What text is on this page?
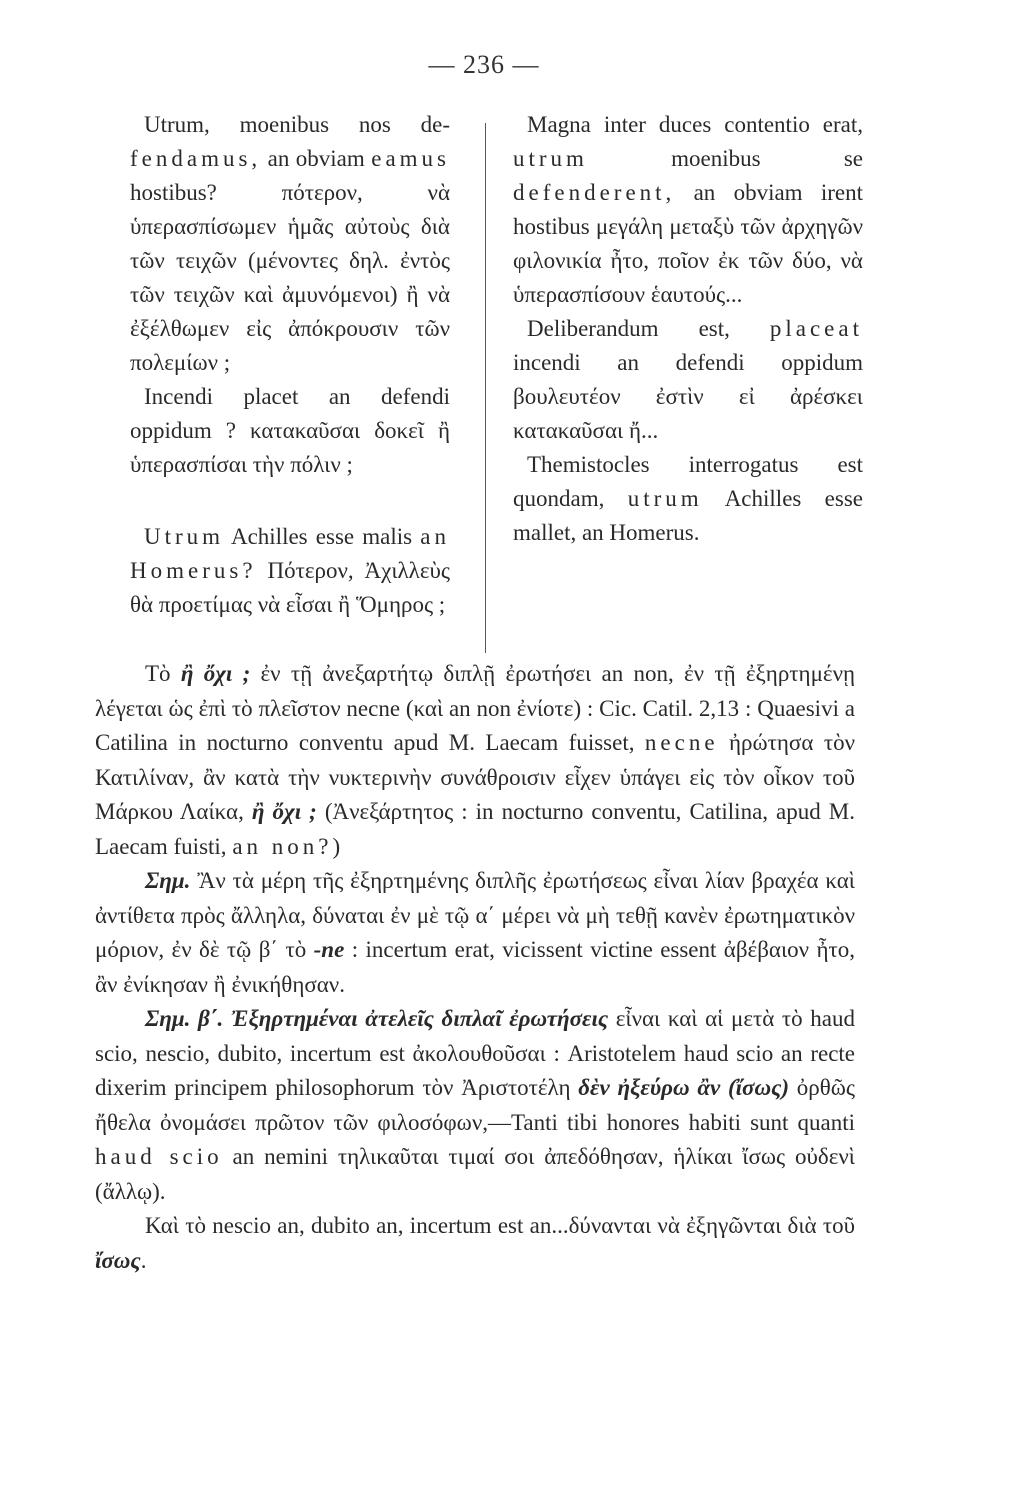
— 236 —

Utrum, moenibus nos de-fendamus, an obviam eamus hostibus? πότερον, νὰ ὑπερασπίσωμεν ἡμᾶς αὐτοὺς διὰ τῶν τειχῶν (μένοντες δηλ. ἐντὸς τῶν τειχῶν καὶ ἀμυνόμενοι) ἢ νὰ ἐξέλθωμεν εἰς ἀπόκρουσιν τῶν πολεμίων ;

Incendi placet an defendi oppidum ? κατακαῦσαι δοκεῖ ἢ ὑπερασπίσαι τὴν πόλιν ;

Utrum Achilles esse malis an Homerus? Πότερον, Ἀχιλλεὺς θὰ προετίμας νὰ εἶσαι ἢ Ὅμηρος ;

Magna inter duces contentio erat, utrum moenibus se defenderent, an obviam irent hostibus μεγάλη μεταξὺ τῶν ἀρχηγῶν φιλονικία ἦτο, ποῖον ἐκ τῶν δύο, νὰ ὑπερασπίσουν ἑαυτούς...

Deliberandum est, placeat incendi an defendi oppidum βουλευτέον ἐστὶν εἰ ἀρέσκει κατακαῦσαι ἤ...

Themistocles interrogatus est quondam, utrum Achilles esse mallet, an Homerus.

Τὸ ἢ ὄχι ; ἐν τῇ ἀνεξαρτήτῳ διπλῇ ἐρωτήσει an non, ἐν τῇ ἐξηρτημένῃ λέγεται ὡς ἐπὶ τὸ πλεῖστον necne (καὶ an non ἐνίοτε) : Cic. Catil. 2,13 : Quaesivi a Catilina in nocturno conventu apud M. Laecam fuisset, necne ἠρώτησα τὸν Κατιλίναν, ἂν κατὰ τὴν νυκτερινὴν συνάθροισιν εἶχεν ὑπάγει εἰς τὸν οἶκον τοῦ Μάρκου Λαίκα, ἢ ὄχι ; (Ἀνεξάρτητος : in nocturno conventu, Catilina, apud M. Laecam fuisti, an non?)

Σημ. Ἂν τὰ μέρη τῆς ἐξηρτημένης διπλῆς ἐρωτήσεως εἶναι λίαν βραχέα καὶ ἀντίθετα πρὸς ἄλληλα, δύναται ἐν μὲ τῷ α΄ μέρει νὰ μὴ τεθῇ κανὲν ἐρωτηματικὸν μόριον, ἐν δὲ τῷ β΄ τὸ -ne : incertum erat, vicissent victine essent ἀβέβαιον ἦτο, ἂν ἐνίκησαν ἢ ἐνικήθησαν.

Σημ. β΄. Ἐξηρτημέναι ἀτελεῖς διπλαῖ ἐρωτήσεις εἶναι καὶ αἱ μετὰ τὸ haud scio, nescio, dubito, incertum est ἀκολουθοῦσαι : Aristotelem haud scio an recte dixerim principem philosophorum τὸν Ἀριστοτέλη δὲν ἠξεύρω ἂν (ἴσως) ὀρθῶς ἤθελα ὀνομάσει πρῶτον τῶν φιλοσόφων,—Tanti tibi honores habiti sunt quanti haud scio an nemini τηλικαῦται τιμαί σοι ἀπεδόθησαν, ἡλίκαι ἴσως οὐδενὶ (ἄλλῳ).

Καὶ τὸ nescio an, dubito an, incertum est an...δύνανται νὰ ἐξηγῶνται διὰ τοῦ ἴσως.
